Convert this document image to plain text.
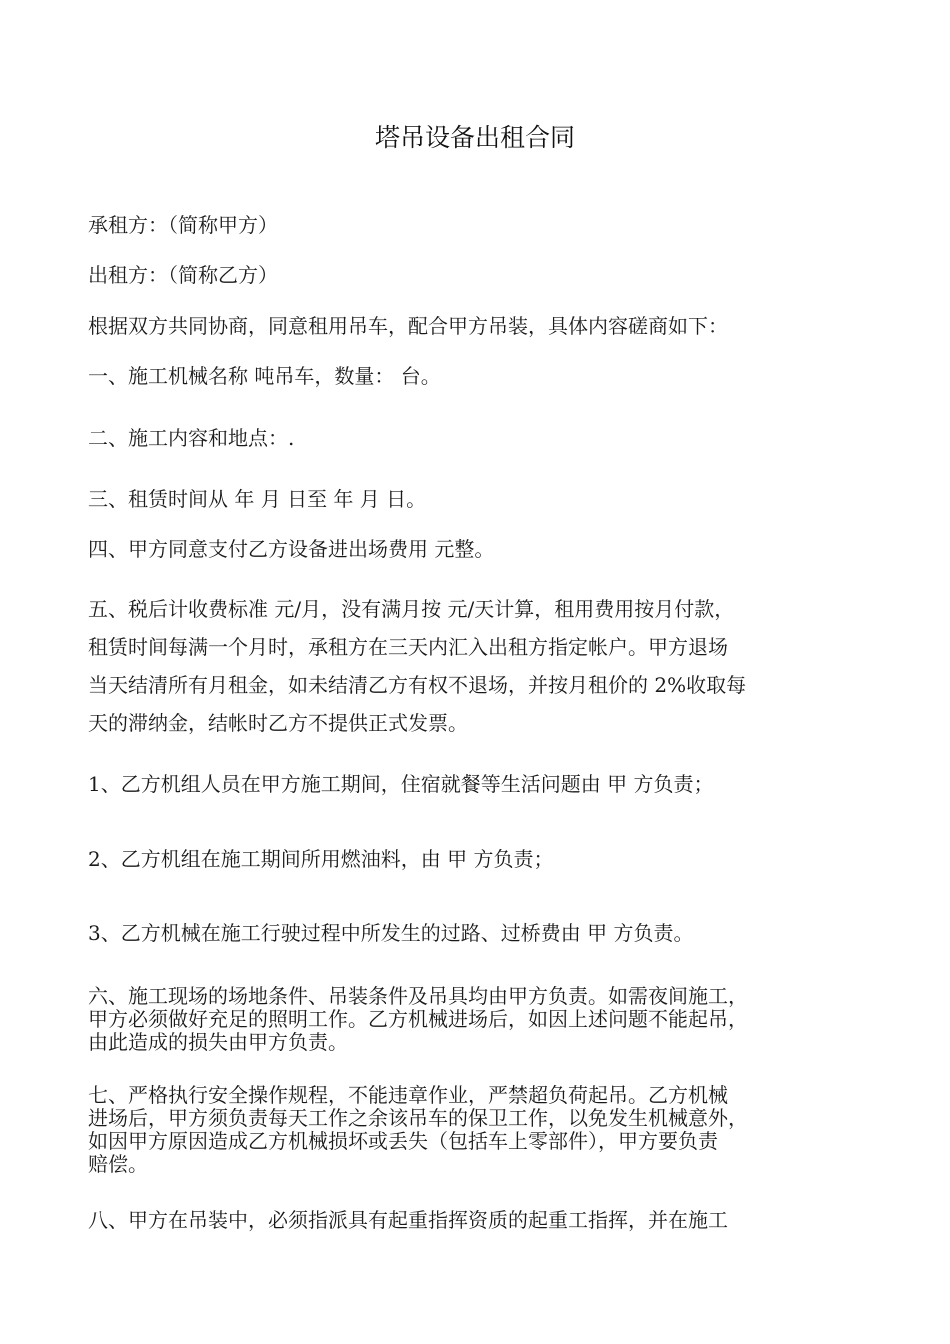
塔吊设备出租合同
承租方：（简称甲方）
出租方：（简称乙方）
根据双方共同协商，同意租用吊车，配合甲方吊装，具体内容磋商如下：
一、施工机械名称 吨吊车，数量： 台。
二、施工内容和地点：.
三、租赁时间从 年 月 日至 年 月 日。
四、甲方同意支付乙方设备进出场费用 元整。
五、税后计收费标准 元/月，没有满月按 元/天计算，租用费用按月付款，
租赁时间每满一个月时，承租方在三天内汇入出租方指定帐户。甲方退场
当天结清所有月租金，如未结清乙方有权不退场，并按月租价的 2%收取每
天的滞纳金，结帐时乙方不提供正式发票。
1、乙方机组人员在甲方施工期间，住宿就餐等生活问题由 甲 方负责；
2、乙方机组在施工期间所用燃油料，由 甲 方负责；
3、乙方机械在施工行驶过程中所发生的过路、过桥费由 甲 方负责。
六、施工现场的场地条件、吊装条件及吊具均由甲方负责。如需夜间施工，
甲方必须做好充足的照明工作。乙方机械进场后，如因上述问题不能起吊，
由此造成的损失由甲方负责。
七、严格执行安全操作规程，不能违章作业，严禁超负荷起吊。乙方机械
进场后，甲方须负责每天工作之余该吊车的保卫工作，以免发生机械意外，
如因甲方原因造成乙方机械损坏或丢失（包括车上零部件），甲方要负责
赔偿。
八、甲方在吊装中，必须指派具有起重指挥资质的起重工指挥，并在施工
